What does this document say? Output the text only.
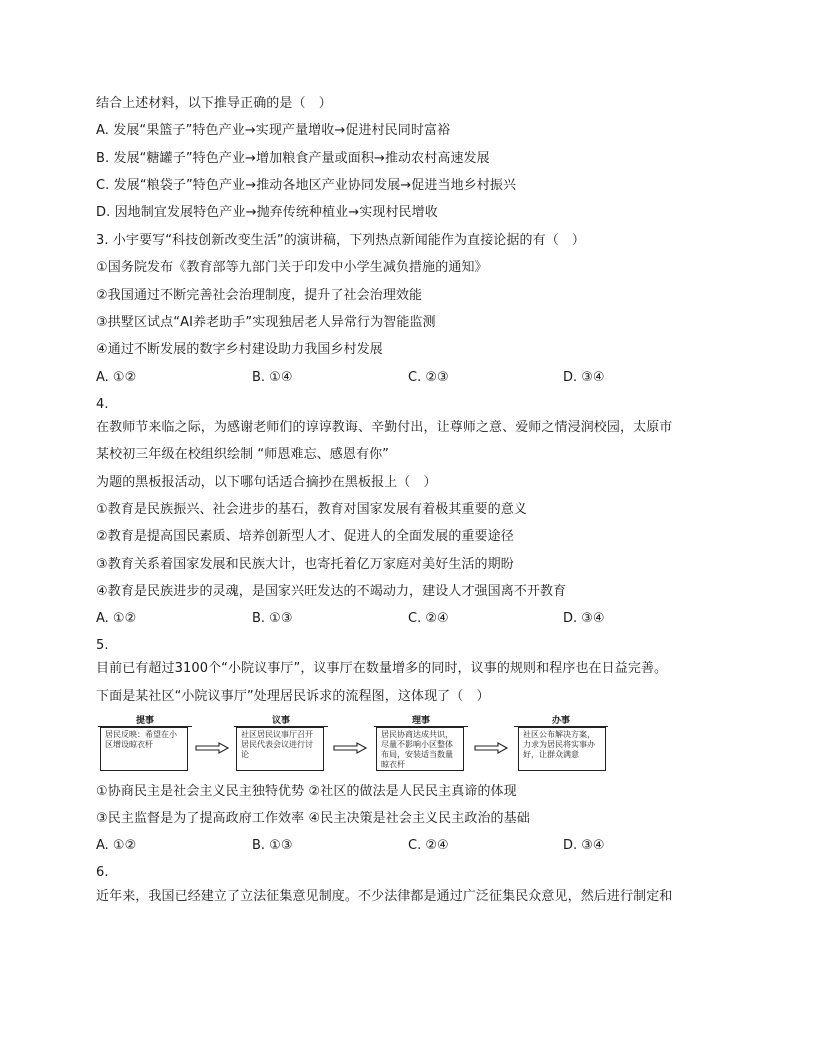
结合上述材料，以下推导正确的是（　）
A. 发展“果篮子”特色产业→实现产量增收→促进村民同时富裕
B. 发展“糖罐子”特色产业→增加粮食产量或面积→推动农村高速发展
C. 发展“粮袋子”特色产业→推动各地区产业协同发展→促进当地乡村振兴
D. 因地制宜发展特色产业→抛弃传统种植业→实现村民增收
3. 小宇要写“科技创新改变生活”的演讲稿，下列热点新闻能作为直接论据的有（　）
①国务院发布《教育部等九部门关于印发中小学生减负措施的通知》
②我国通过不断完善社会治理制度，提升了社会治理效能
③拱墅区试点“AI养老助手”实现独居老人异常行为智能监测
④通过不断发展的数字乡村建设助力我国乡村发展
A. ①②	B. ①④	C. ②③	D. ③④
4.
在教师节来临之际，为感谢老师们的谆谆教诲、辛勤付出，让尊师之意、爱师之情浸润校园，太原市
某校初三年级在校组织绘制 “师恩难忘、感恩有你”
为题的黑板报活动，以下哪句话适合摘抄在黑板报上（　）
①教育是民族振兴、社会进步的基石，教育对国家发展有着极其重要的意义
②教育是提高国民素质、培养创新型人才、促进人的全面发展的重要途径
③教育关系着国家发展和民族大计，也寄托着亿万家庭对美好生活的期盼
④教育是民族进步的灵魂，是国家兴旺发达的不竭动力，建设人才强国离不开教育
A. ①②	B. ①③	C. ②④	D. ③④
5.
目前已有超过3100个“小院议事厅”，议事厅在数量增多的同时，议事的规则和程序也在日益完善。
下面是某社区“小院议事厅”处理居民诉求的流程图，这体现了（　）
提事
居民反映：希望在小区增设晾衣杆
议事
社区居民议事厅召开居民代表会议进行讨论
理事
居民协商达成共识，尽量不影响小区整体布局，安装适当数量晾衣杆
办事
社区公布解决方案，力求为居民将实事办好，让群众满意
①协商民主是社会主义民主独特优势 ②社区的做法是人民民主真谛的体现
③民主监督是为了提高政府工作效率 ④民主决策是社会主义民主政治的基础
A. ①②	B. ①③	C. ②④	D. ③④
6.
近年来，我国已经建立了立法征集意见制度。不少法律都是通过广泛征集民众意见，然后进行制定和
